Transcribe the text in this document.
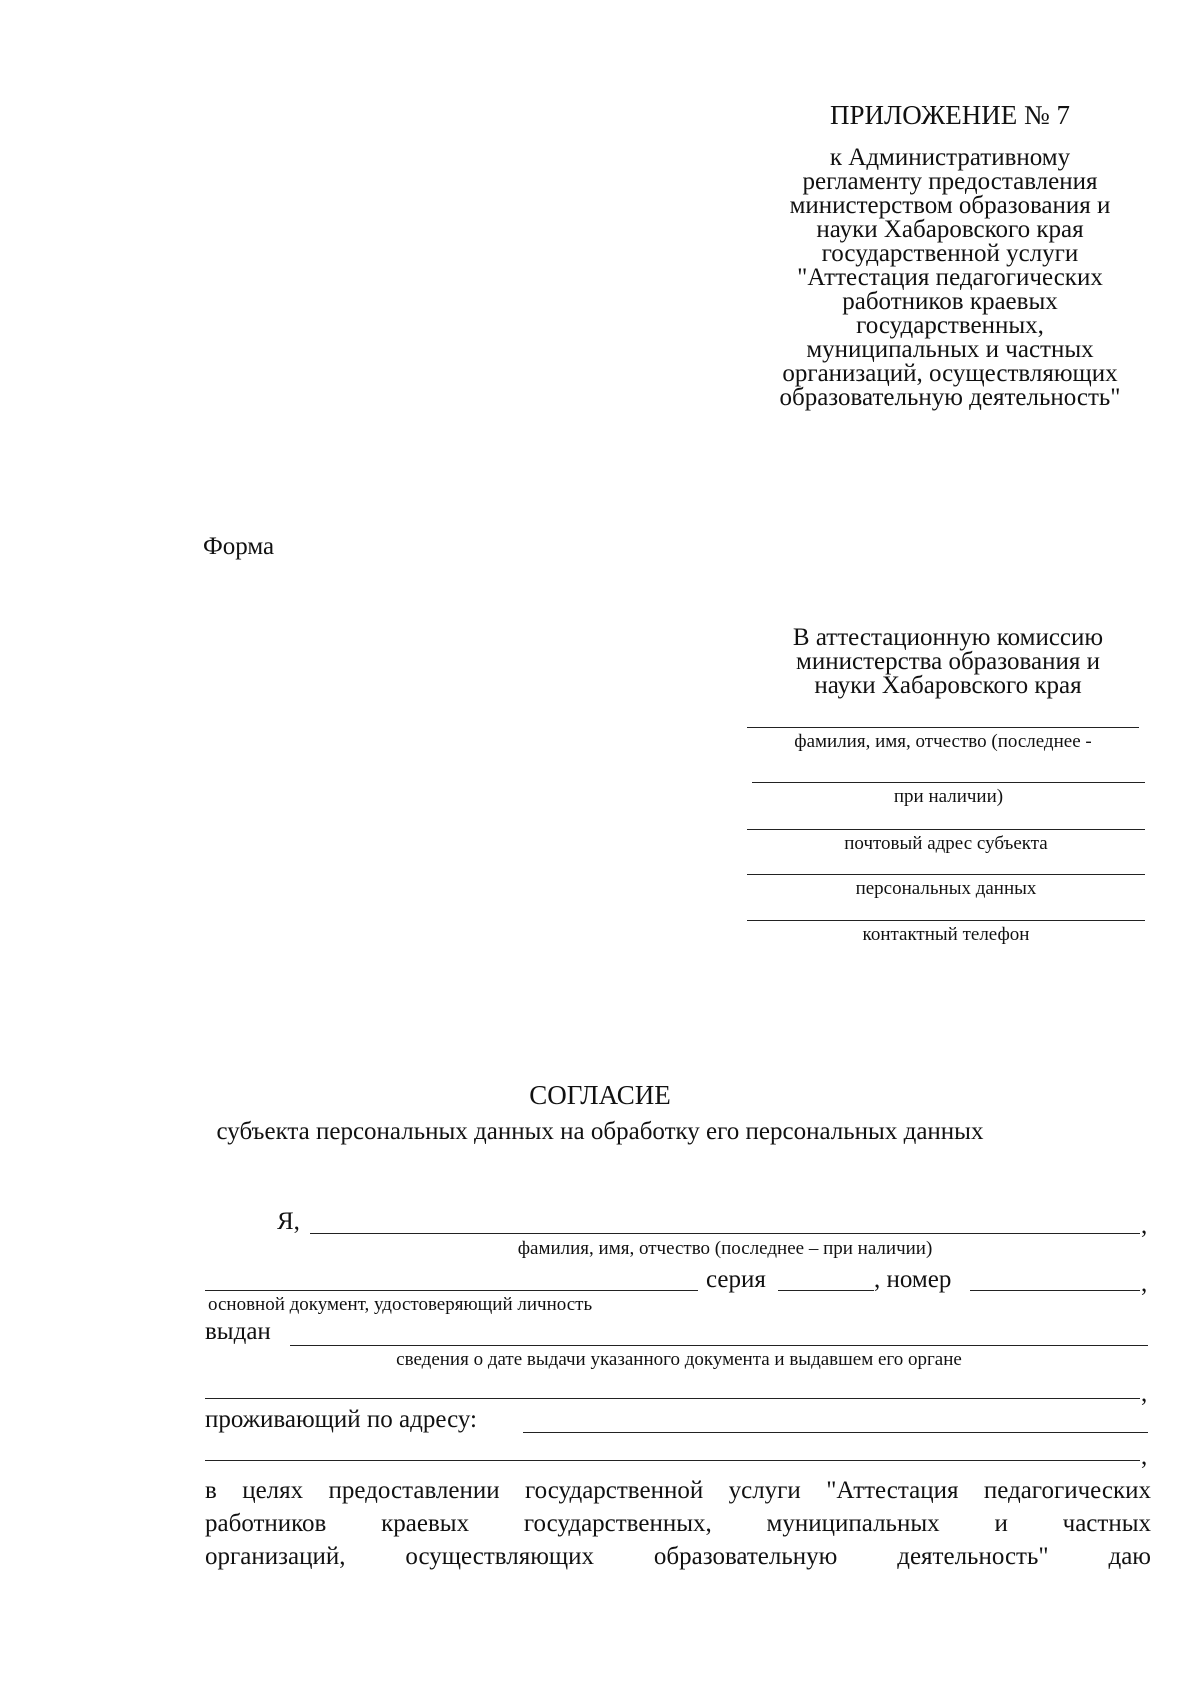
ПРИЛОЖЕНИЕ № 7
к Административному
регламенту предоставления
министерством образования и
науки Хабаровского края
государственной услуги
"Аттестация педагогических
работников краевых
государственных,
муниципальных и частных
организаций, осуществляющих
образовательную деятельность"
Форма
В аттестационную комиссию
министерства образования и
науки Хабаровского края
фамилия, имя, отчество (последнее -
при наличии)
почтовый адрес субъекта
персональных данных
контактный телефон
СОГЛАСИЕ
субъекта персональных данных на обработку его персональных данных
Я,	,
фамилия, имя, отчество (последнее – при наличии)
серия	, номер	,
основной документ, удостоверяющий личность
выдан
сведения о дате выдачи указанного документа и выдавшем его органе
,
проживающий по адресу:
,
в целях предоставлении государственной услуги "Аттестация педагогических
работников краевых государственных, муниципальных и частных
организаций, осуществляющих образовательную деятельность" даю
